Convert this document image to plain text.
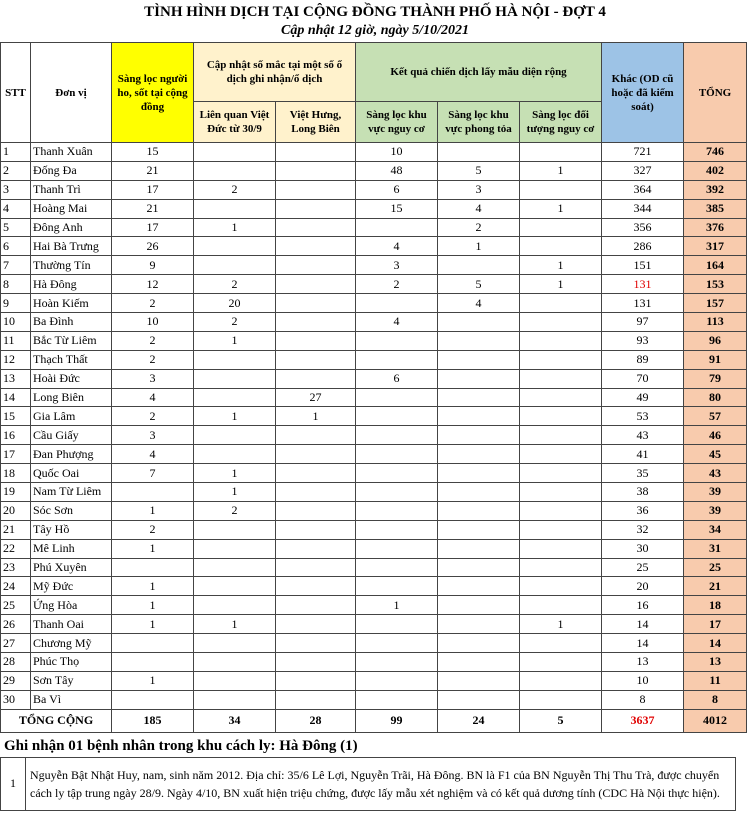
TÌNH HÌNH DỊCH TẠI CỘNG ĐỒNG THÀNH PHỐ HÀ NỘI - ĐỢT 4
Cập nhật 12 giờ, ngày 5/10/2021
STT	Đơn vị	Sàng lọc người ho, sốt tại cộng đồng	Cập nhật số mắc tại một số ổ dịch ghi nhận/ổ dịch		Kết quả chiến dịch lấy mẫu diện rộng			Khác (OD cũ hoặc đã kiểm soát)	TỔNG
			Liên quan Việt Đức từ 30/9	Việt Hưng, Long Biên	Sàng lọc khu vực nguy cơ	Sàng lọc khu vực phong tỏa	Sàng lọc đối tượng nguy cơ		
1	Thanh Xuân	15			10			721	746
2	Đống Đa	21			48	5	1	327	402
3	Thanh Trì	17	2		6	3		364	392
4	Hoàng Mai	21			15	4	1	344	385
5	Đông Anh	17	1			2		356	376
6	Hai Bà Trưng	26			4	1		286	317
7	Thường Tín	9			3		1	151	164
8	Hà Đông	12	2		2	5	1	131	153
9	Hoàn Kiếm	2	20			4		131	157
10	Ba Đình	10	2		4			97	113
11	Bắc Từ Liêm	2	1					93	96
12	Thạch Thất	2						89	91
13	Hoài Đức	3			6			70	79
14	Long Biên	4		27				49	80
15	Gia Lâm	2	1	1				53	57
16	Cầu Giấy	3						43	46
17	Đan Phượng	4						41	45
18	Quốc Oai	7	1					35	43
19	Nam Từ Liêm		1					38	39
20	Sóc Sơn	1	2					36	39
21	Tây Hồ	2						32	34
22	Mê Linh	1						30	31
23	Phú Xuyên							25	25
24	Mỹ Đức	1						20	21
25	Ứng Hòa	1			1			16	18
26	Thanh Oai	1	1				1	14	17
27	Chương Mỹ							14	14
28	Phúc Thọ							13	13
29	Sơn Tây	1						10	11
30	Ba Vì							8	8
TỔNG CỘNG		185	34	28	99	24	5	3637	4012
Ghi nhận 01 bệnh nhân trong khu cách ly: Hà Đông (1)
1	Nguyễn Bật Nhật Huy, nam, sinh năm 2012. Địa chỉ: 35/6 Lê Lợi, Nguyễn Trãi, Hà Đông. BN là F1 của BN Nguyễn Thị Thu Trà, được chuyển cách ly tập trung ngày 28/9. Ngày 4/10, BN xuất hiện triệu chứng, được lấy mẫu xét nghiệm và có kết quả dương tính (CDC Hà Nội thực hiện).
